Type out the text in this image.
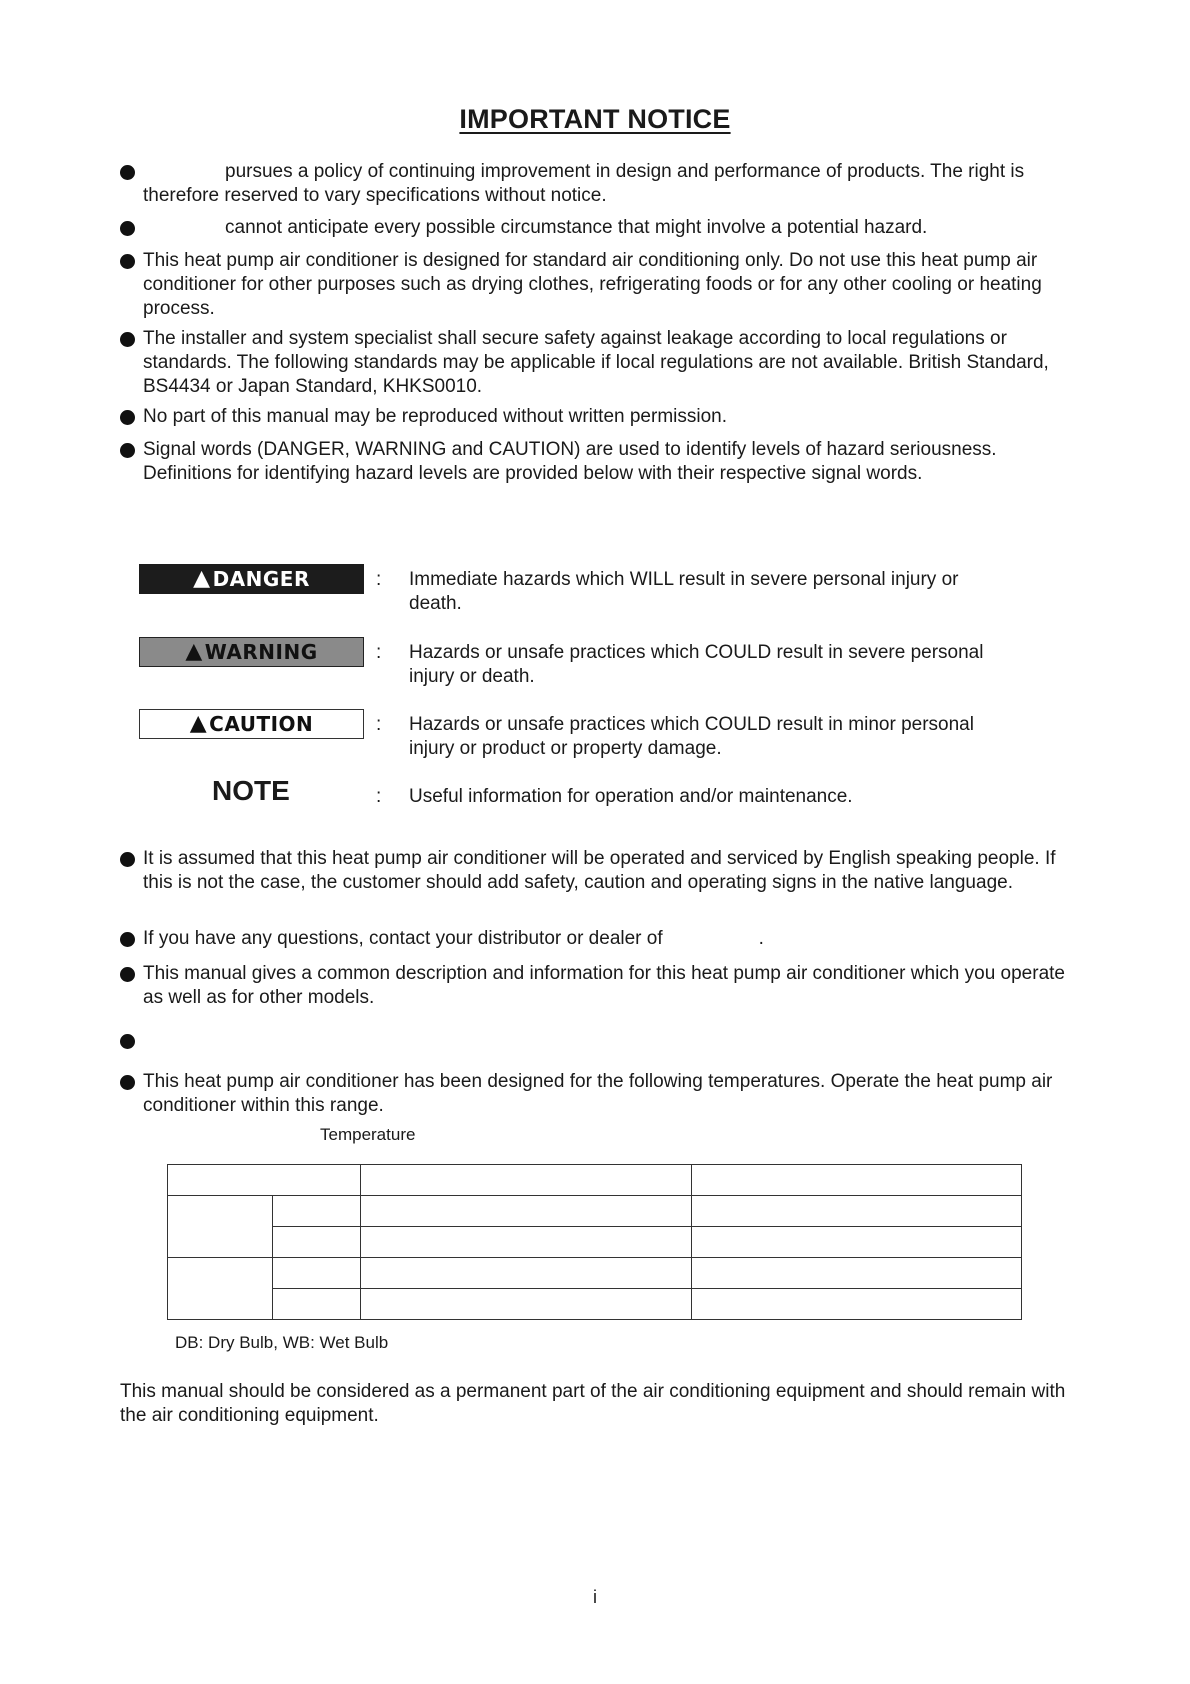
IMPORTANT NOTICE
pursues a policy of continuing improvement in design and performance of products. The right is therefore reserved to vary specifications without notice.
cannot anticipate every possible circumstance that might involve a potential hazard.
This heat pump air conditioner is designed for standard air conditioning only. Do not use this heat pump air conditioner for other purposes such as drying clothes, refrigerating foods or for any other cooling or heating process.
The installer and system specialist shall secure safety against leakage according to local regulations or standards. The following standards may be applicable if local regulations are not available. British Standard, BS4434 or Japan Standard, KHKS0010.
No part of this manual may be reproduced without written permission.
Signal words (DANGER, WARNING and CAUTION) are used to identify levels of hazard seriousness. Definitions for identifying hazard levels are provided below with their respective signal words.
▲ DANGER	: Immediate hazards which WILL result in severe personal injury or death.
▲ WARNING	: Hazards or unsafe practices which COULD result in severe personal injury or death.
▲ CAUTION	: Hazards or unsafe practices which COULD result in minor personal injury or product or property damage.
NOTE	: Useful information for operation and/or maintenance.
It is assumed that this heat pump air conditioner will be operated and serviced by English speaking people. If this is not the case, the customer should add safety, caution and operating signs in the native language.
If you have any questions, contact your distributor or dealer of	.
This manual gives a common description and information for this heat pump air conditioner which you operate as well as for other models.
This heat pump air conditioner has been designed for the following temperatures. Operate the heat pump air conditioner within this range.
Temperature

DB: Dry Bulb, WB: Wet Bulb
This manual should be considered as a permanent part of the air conditioning equipment and should remain with the air conditioning equipment.
i
